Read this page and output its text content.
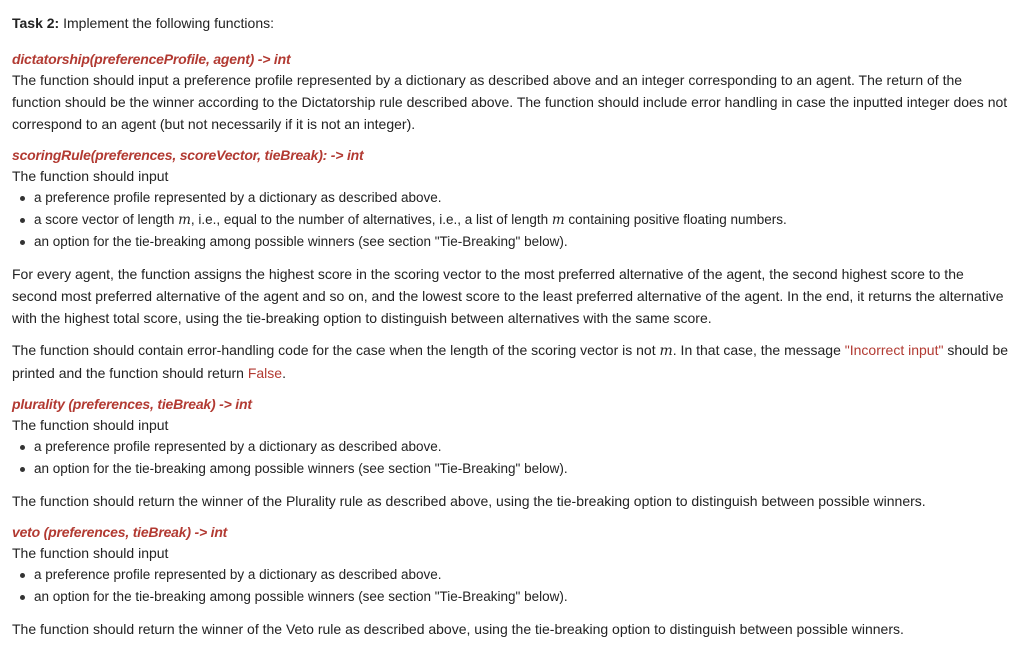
Task 2: Implement the following functions:

dictatorship(preferenceProfile, agent) -> int

The function should input a preference profile represented by a dictionary as described above and an integer corresponding to an agent. The return of the function should be the winner according to the Dictatorship rule described above. The function should include error handling in case the inputted integer does not correspond to an agent (but not necessarily if it is not an integer).

scoringRule(preferences, scoreVector, tieBreak): -> int

The function should input

a preference profile represented by a dictionary as described above.
a score vector of length m, i.e., equal to the number of alternatives, i.e., a list of length m containing positive floating numbers.
an option for the tie-breaking among possible winners (see section "Tie-Breaking" below).

For every agent, the function assigns the highest score in the scoring vector to the most preferred alternative of the agent, the second highest score to the second most preferred alternative of the agent and so on, and the lowest score to the least preferred alternative of the agent. In the end, it returns the alternative with the highest total score, using the tie-breaking option to distinguish between alternatives with the same score.

The function should contain error-handling code for the case when the length of the scoring vector is not m. In that case, the message "Incorrect input" should be printed and the function should return False.

plurality (preferences, tieBreak) -> int

The function should input

a preference profile represented by a dictionary as described above.
an option for the tie-breaking among possible winners (see section "Tie-Breaking" below).

The function should return the winner of the Plurality rule as described above, using the tie-breaking option to distinguish between possible winners.

veto (preferences, tieBreak) -> int

The function should input

a preference profile represented by a dictionary as described above.
an option for the tie-breaking among possible winners (see section "Tie-Breaking" below).

The function should return the winner of the Veto rule as described above, using the tie-breaking option to distinguish between possible winners.
